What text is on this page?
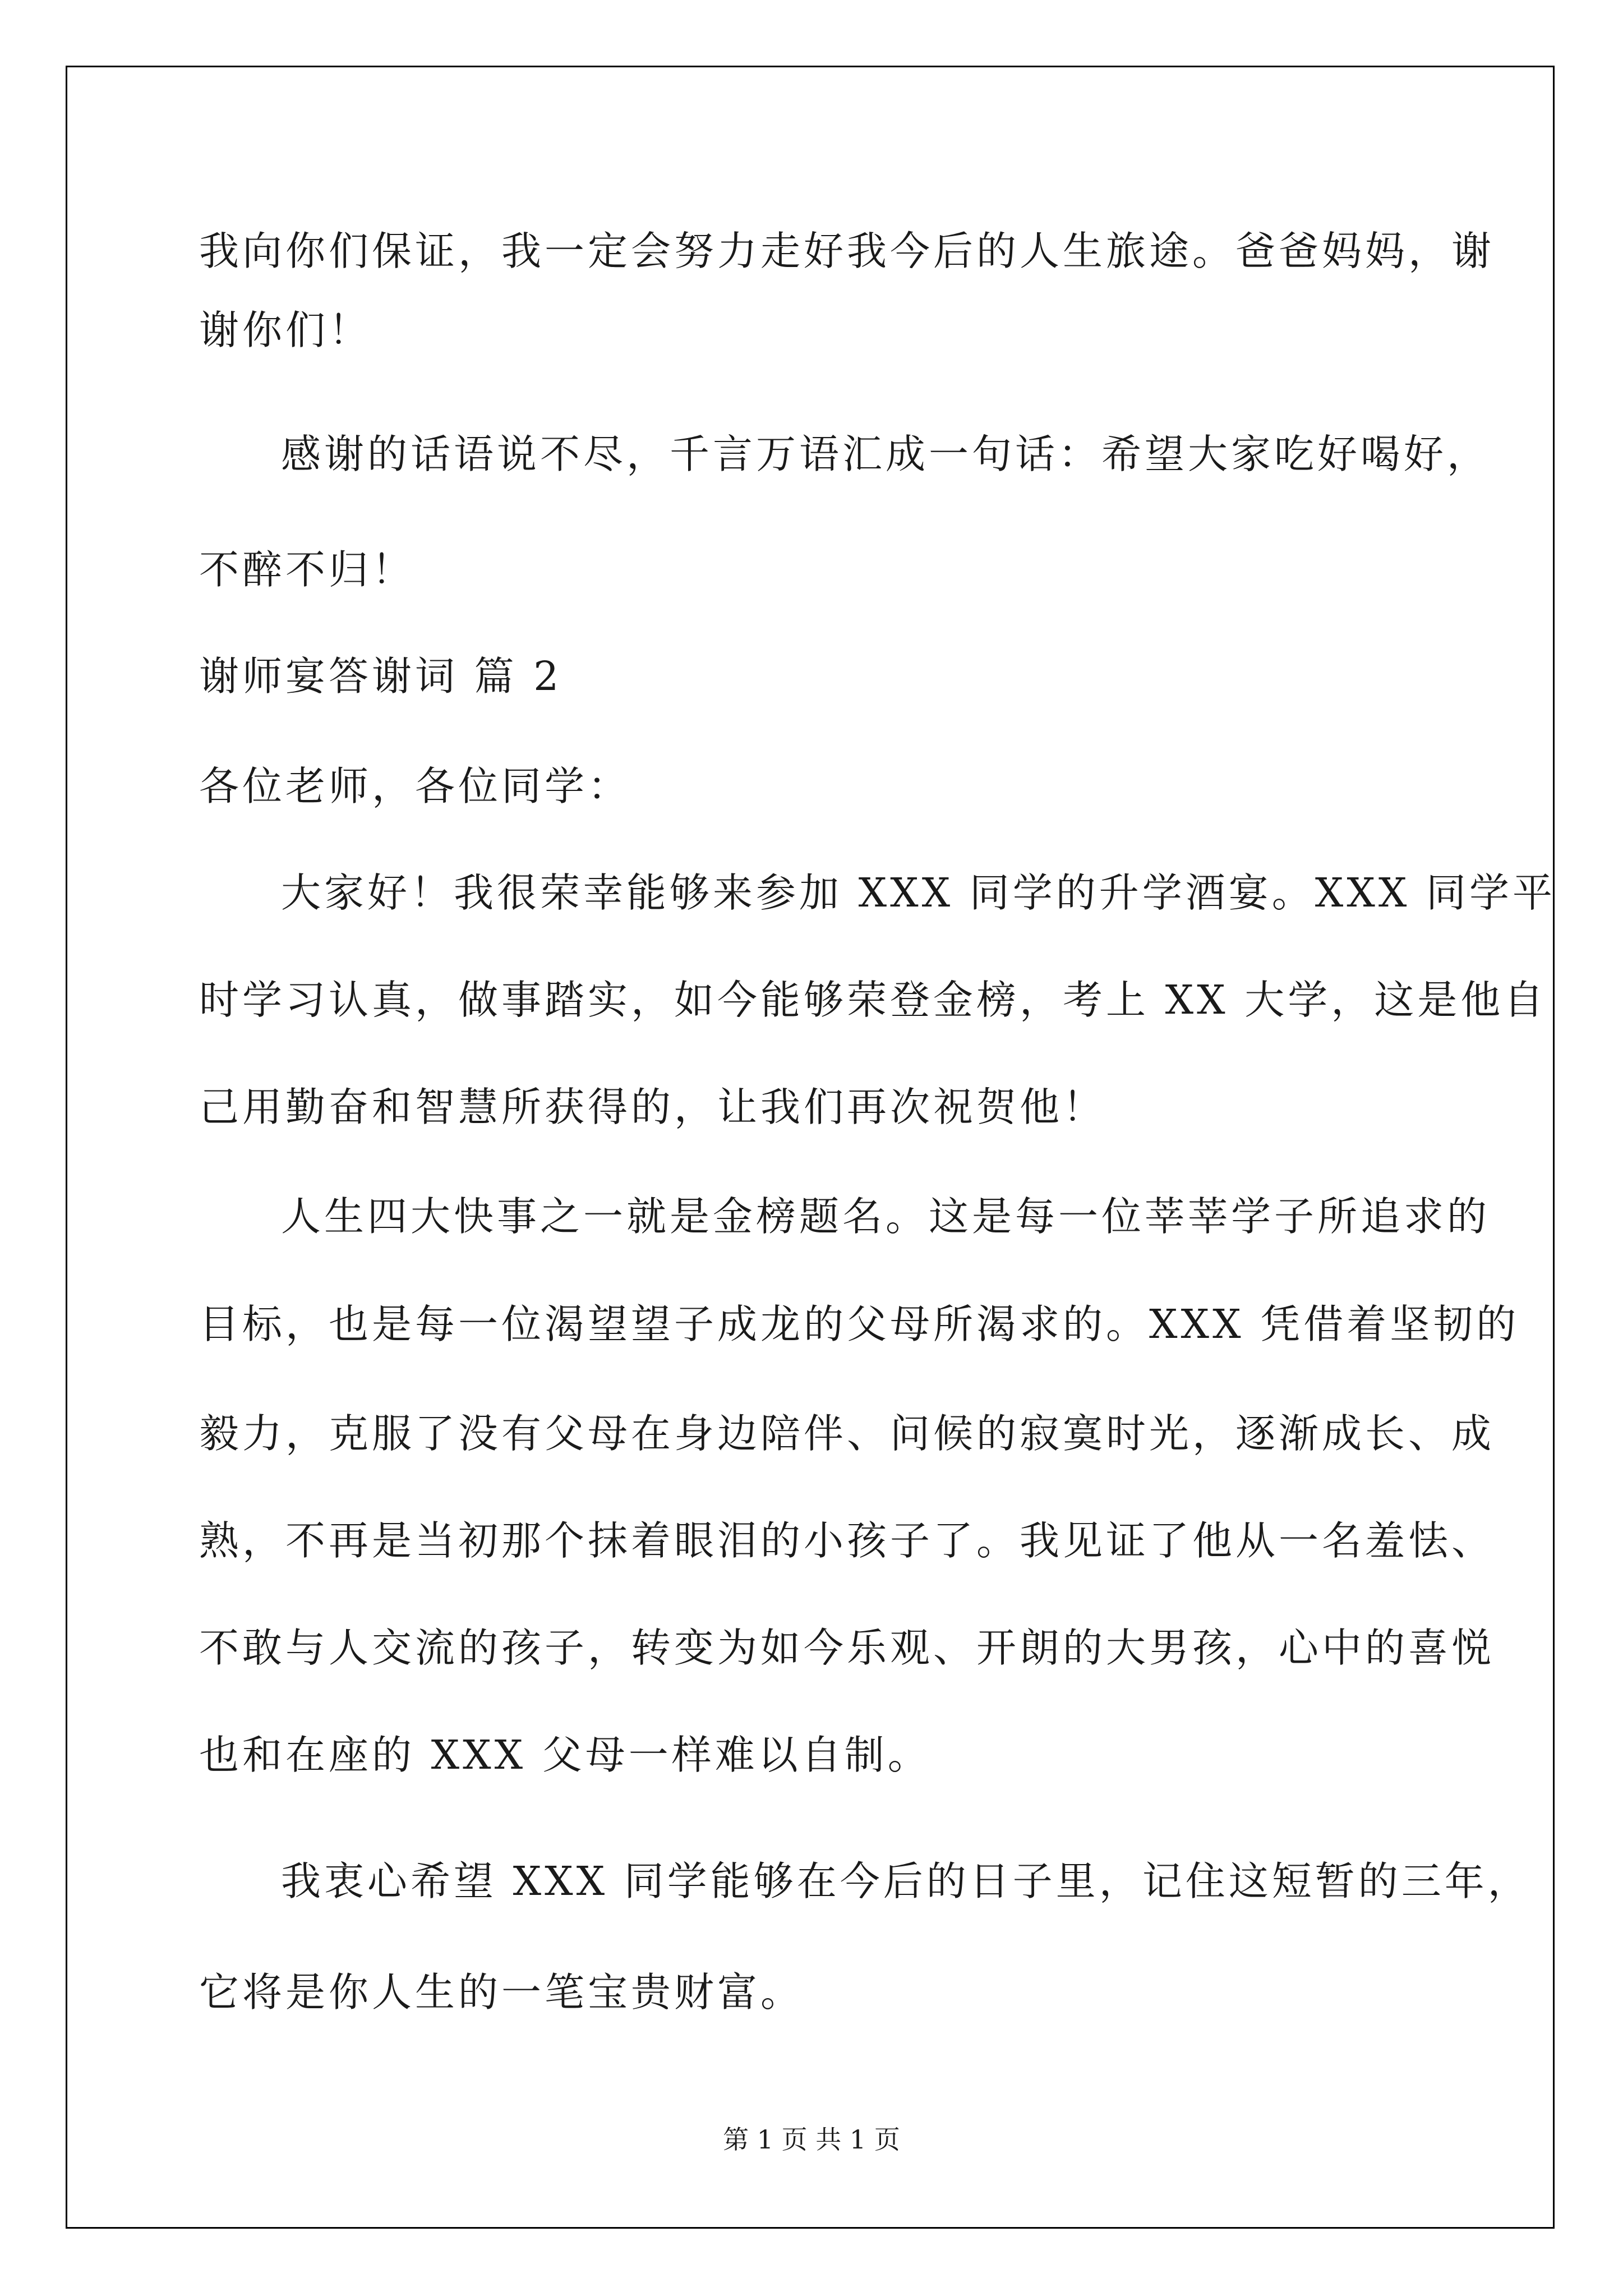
我向你们保证，我一定会努力走好我今后的人生旅途。爸爸妈妈，谢
谢你们！
感谢的话语说不尽，千言万语汇成一句话：希望大家吃好喝好，
不醉不归！
谢师宴答谢词 篇 2
各位老师，各位同学：
大家好！我很荣幸能够来参加 XXX 同学的升学酒宴。XXX 同学平
时学习认真，做事踏实，如今能够荣登金榜，考上 XX 大学，这是他自
己用勤奋和智慧所获得的，让我们再次祝贺他！
人生四大快事之一就是金榜题名。这是每一位莘莘学子所追求的
目标，也是每一位渴望望子成龙的父母所渴求的。XXX 凭借着坚韧的
毅力，克服了没有父母在身边陪伴、问候的寂寞时光，逐渐成长、成
熟，不再是当初那个抹着眼泪的小孩子了。我见证了他从一名羞怯、
不敢与人交流的孩子，转变为如今乐观、开朗的大男孩，心中的喜悦
也和在座的 XXX 父母一样难以自制。
我衷心希望 XXX 同学能够在今后的日子里，记住这短暂的三年，
它将是你人生的一笔宝贵财富。
第 1 页 共 1 页
